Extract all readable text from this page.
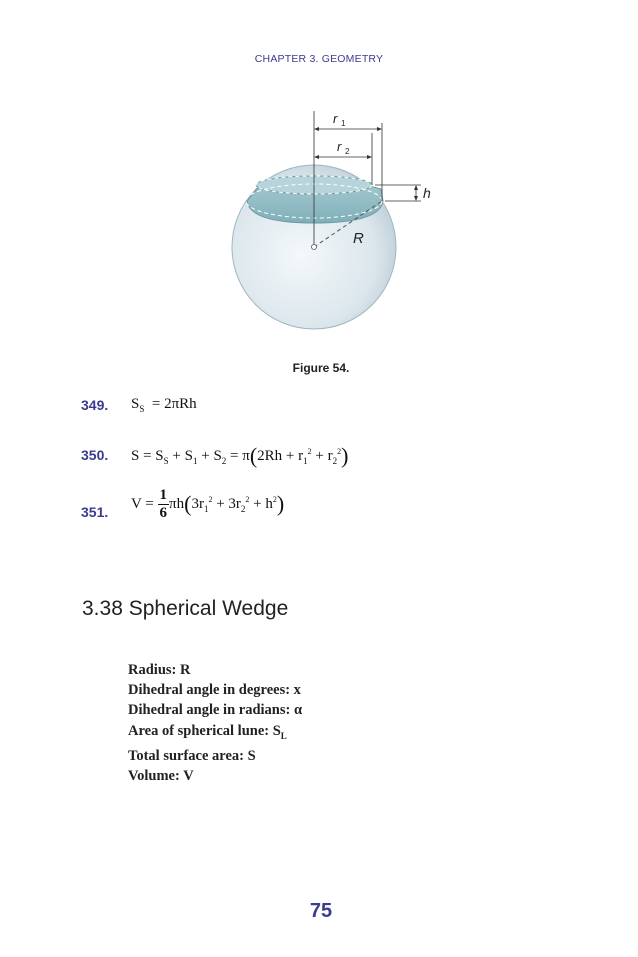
CHAPTER 3. GEOMETRY
r 1
r 2
h
R
Figure 54.
349. $S_S = 2\pi Rh$
350. $S = S_S + S_1 + S_2 = \pi(2Rh + r_1^2 + r_2^2)$
351.
$V = \frac{1}{6} \pi h(3r_1^2 + 3r_2^2 + h^2)$
3.38 Spherical Wedge
Radius: R
Dihedral angle in degrees: x
Dihedral angle in radians: α
Area of spherical lune: $S_L$
Total surface area: S
Volume: V
75
